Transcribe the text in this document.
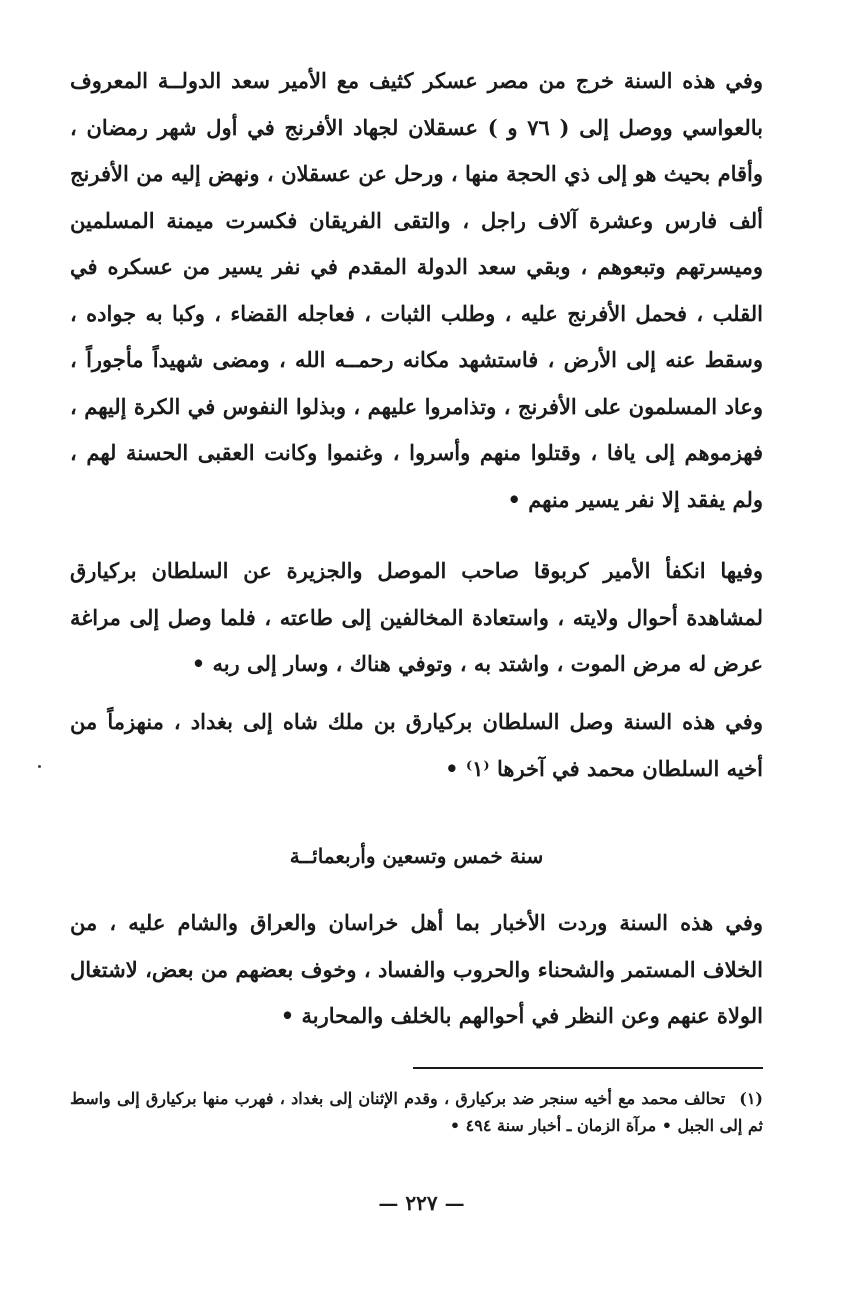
وفي هذه السنة خرج من مصر عسكر كثيف مع الأمير سعد الدولــة المعروف بالعواسي ووصل إلى ( ٧٦ و ) عسقلان لجهاد الأفرنج في أول شهر رمضان ، وأقام بحيث هو إلى ذي الحجة منها ، ورحل عن عسقلان ، ونهض إليه من الأفرنج ألف فارس وعشرة آلاف راجل ، والتقى الفريقان فكسرت ميمنة المسلمين وميسرتهم وتبعوهم ، وبقي سعد الدولة المقدم في نفر يسير من عسكره في القلب ، فحمل الأفرنج عليه ، وطلب الثبات ، فعاجله القضاء ، وكبا به جواده ، وسقط عنه إلى الأرض ، فاستشهد مكانه رحمــه الله ، ومضى شهيداً مأجوراً ، وعاد المسلمون على الأفرنج ، وتذامروا عليهم ، وبذلوا النفوس في الكرة إليهم ، فهزموهم إلى يافا ، وقتلوا منهم وأسروا ، وغنموا وكانت العقبى الحسنة لهم ، ولم يفقد إلا نفر يسير منهم •

وفيها انكفأ الأمير كربوقا صاحب الموصل والجزيرة عن السلطان بركيارق لمشاهدة أحوال ولايته ، واستعادة المخالفين إلى طاعته ، فلما وصل إلى مراغة عرض له مرض الموت ، واشتد به ، وتوفي هناك ، وسار إلى ربه •

وفي هذه السنة وصل السلطان بركيارق بن ملك شاه إلى بغداد ، منهزماً من أخيه السلطان محمد في آخرها ⁽١⁾ •

سنة خمس وتسعين وأربعمائــة

وفي هذه السنة وردت الأخبار بما أهل خراسان والعراق والشام عليه ، من الخلاف المستمر والشحناء والحروب والفساد ، وخوف بعضهم من بعض، لاشتغال الولاة عنهم وعن النظر في أحوالهم بالخلف والمحاربة •

(١)تحالف محمد مع أخيه سنجر ضد بركيارق ، وقدم الإثنان إلى بغداد ، فهرب منها بركيارق إلى واسط ثم إلى الجبل • مرآة الزمان ـ أخبار سنة ٤٩٤ •

— ٢٢٧ —
